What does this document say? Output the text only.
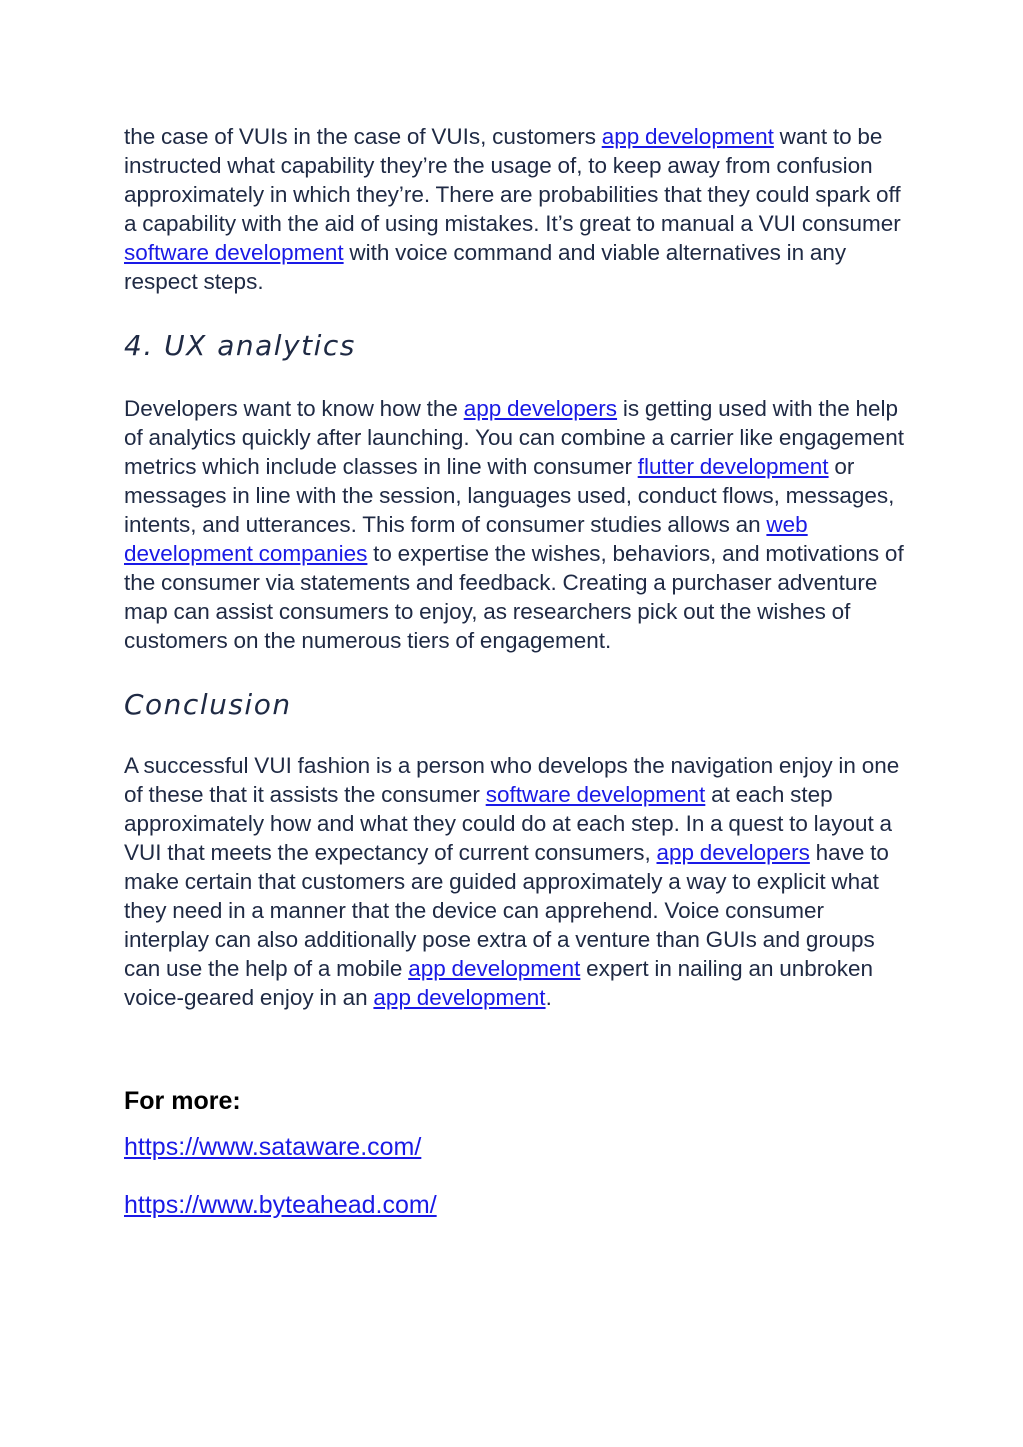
the case of VUIs in the case of VUIs, customers app development want to be instructed what capability they’re the usage of, to keep away from confusion approximately in which they’re. There are probabilities that they could spark off a capability with the aid of using mistakes. It’s great to manual a VUI consumer software development with voice command and viable alternatives in any respect steps.

4. UX analytics

Developers want to know how the app developers is getting used with the help of analytics quickly after launching. You can combine a carrier like engagement metrics which include classes in line with consumer flutter development or messages in line with the session, languages used, conduct flows, messages, intents, and utterances. This form of consumer studies allows an web development companies to expertise the wishes, behaviors, and motivations of the consumer via statements and feedback. Creating a purchaser adventure map can assist consumers to enjoy, as researchers pick out the wishes of customers on the numerous tiers of engagement.

Conclusion

A successful VUI fashion is a person who develops the navigation enjoy in one of these that it assists the consumer software development at each step approximately how and what they could do at each step. In a quest to layout a VUI that meets the expectancy of current consumers, app developers have to make certain that customers are guided approximately a way to explicit what they need in a manner that the device can apprehend. Voice consumer interplay can also additionally pose extra of a venture than GUIs and groups can use the help of a mobile app development expert in nailing an unbroken voice-geared enjoy in an app development.

For more:

https://www.sataware.com/
https://www.byteahead.com/
